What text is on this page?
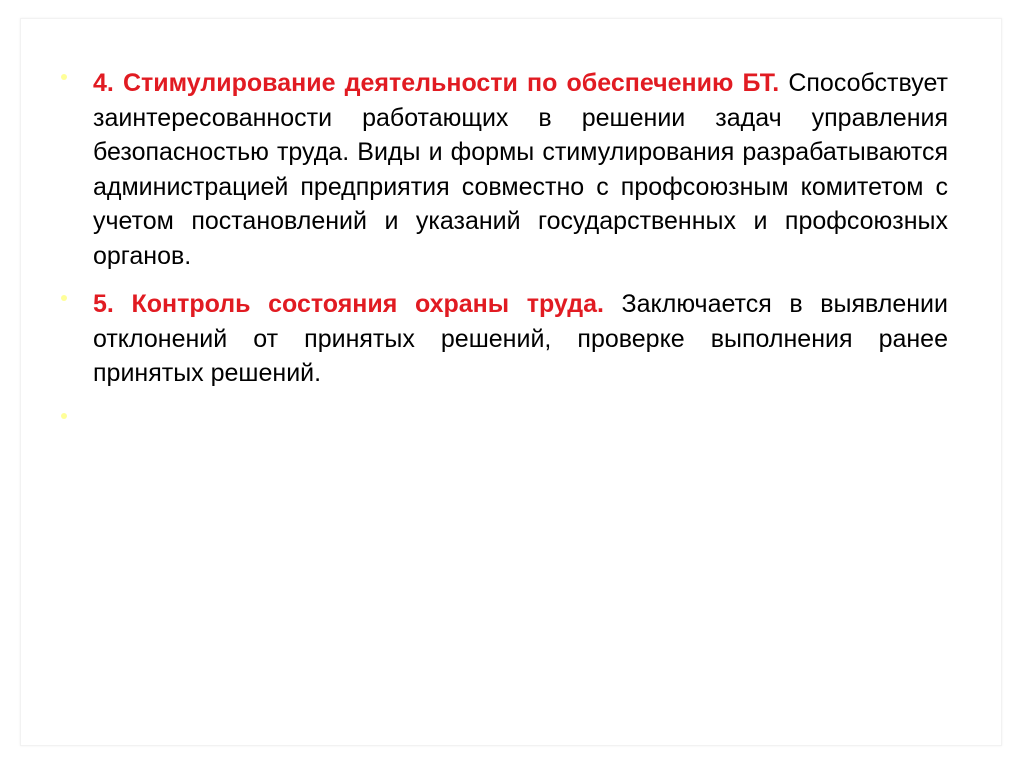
4. Стимулирование деятельности по обеспечению БТ. Способствует заинтересованности работающих в решении задач управления безопасностью труда. Виды и формы стимулирования разрабатываются администрацией предприятия совместно с профсоюзным комитетом с учетом постановлений и указаний государственных и профсоюзных органов.

5. Контроль состояния охраны труда. Заключается в выявлении отклонений от принятых решений, проверке выполнения ранее принятых решений.
